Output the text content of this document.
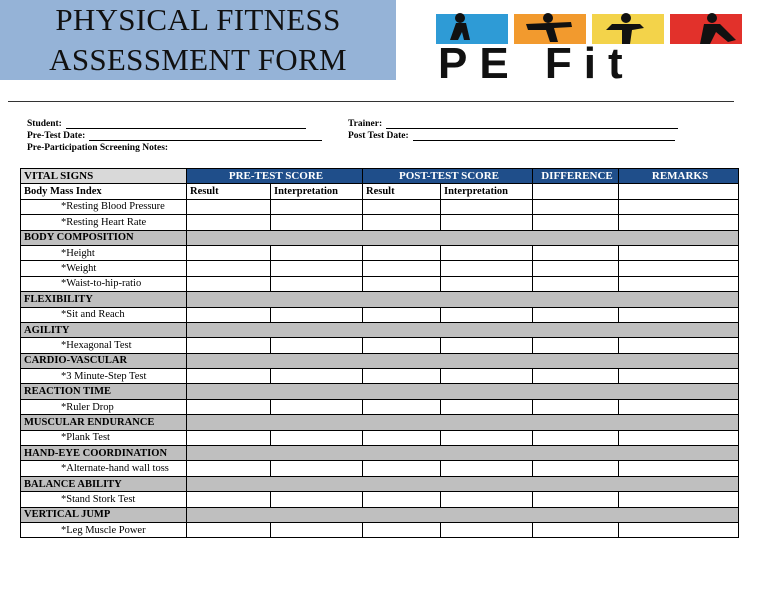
PHYSICAL FITNESS
ASSESSMENT FORM PE Fit
Student:	Trainer:
Pre-Test Date:	Post Test Date:
Pre-Participation Screening Notes:
VITAL SIGNS	PRE-TEST SCORE		POST-TEST SCORE		DIFFERENCE	REMARKS
Body Mass Index	Result	Interpretation	Result	Interpretation		
*Resting Blood Pressure						
*Resting Heart Rate						
BODY COMPOSITION						
*Height						
*Weight						
*Waist-to-hip-ratio						
FLEXIBILITY						
*Sit and Reach						
AGILITY						
*Hexagonal Test						
CARDIO-VASCULAR						
*3 Minute-Step Test						
REACTION TIME						
*Ruler Drop						
MUSCULAR ENDURANCE						
*Plank Test						
HAND-EYE COORDINATION						
*Alternate-hand wall toss						
BALANCE ABILITY						
*Stand Stork Test						
VERTICAL JUMP						
*Leg Muscle Power						
